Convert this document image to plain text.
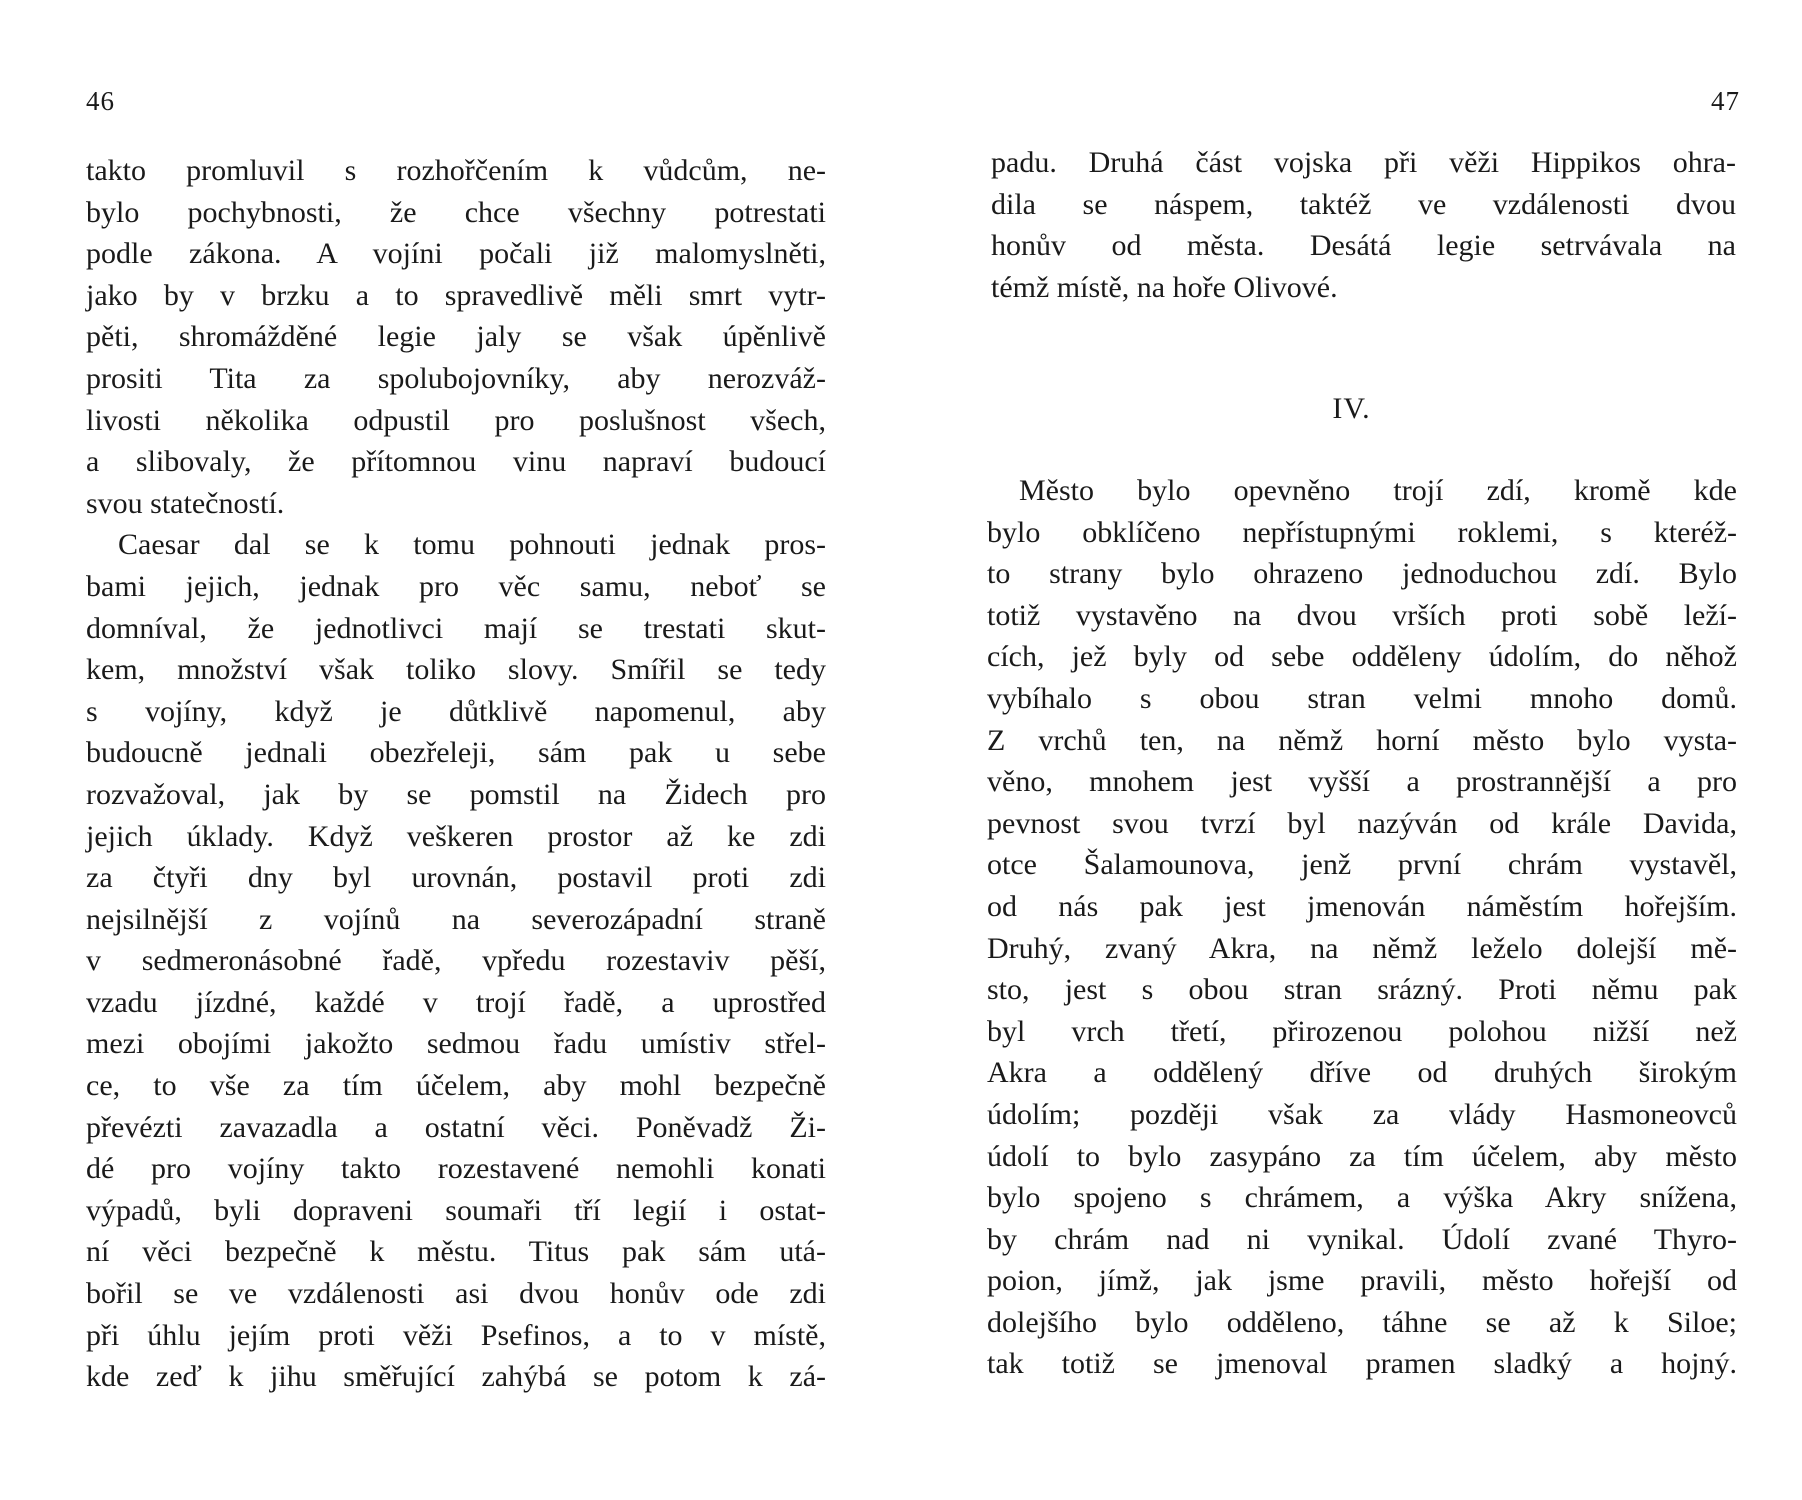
46
takto promluvil s rozhořčením k vůdcům, ne-
bylo pochybnosti, že chce všechny potrestati
podle zákona. A vojíni počali již malomyslněti,
jako by v brzku a to spravedlivě měli smrt vytr-
pěti, shromážděné legie jaly se však úpěnlivě
prositi Tita za spolubojovníky, aby nerozváž-
livosti několika odpustil pro poslušnost všech,
a slibovaly, že přítomnou vinu napraví budoucí
svou statečností.
Caesar dal se k tomu pohnouti jednak pros-
bami jejich, jednak pro věc samu, neboť se
domníval, že jednotlivci mají se trestati skut-
kem, množství však toliko slovy. Smířil se tedy
s vojíny, když je důtklivě napomenul, aby
budoucně jednali obezřeleji, sám pak u sebe
rozvažoval, jak by se pomstil na Židech pro
jejich úklady. Když veškeren prostor až ke zdi
za čtyři dny byl urovnán, postavil proti zdi
nejsilnější z vojínů na severozápadní straně
v sedmeronásobné řadě, vpředu rozestaviv pěší,
vzadu jízdné, každé v trojí řadě, a uprostřed
mezi obojími jakožto sedmou řadu umístiv střel-
ce, to vše za tím účelem, aby mohl bezpečně
převézti zavazadla a ostatní věci. Poněvadž Ži-
dé pro vojíny takto rozestavené nemohli konati
výpadů, byli dopraveni soumaři tří legií i ostat-
ní věci bezpečně k městu. Titus pak sám utá-
bořil se ve vzdálenosti asi dvou honův ode zdi
při úhlu jejím proti věži Psefinos, a to v místě,
kde zeď k jihu směřující zahýbá se potom k zá-
47
padu. Druhá část vojska při věži Hippikos ohra-
dila se náspem, taktéž ve vzdálenosti dvou
honův od města. Desátá legie setrvávala na
témž místě, na hoře Olivové.
IV.
Město bylo opevněno trojí zdí, kromě kde
bylo obklíčeno nepřístupnými roklemi, s kteréž-
to strany bylo ohrazeno jednoduchou zdí. Bylo
totiž vystavěno na dvou vrších proti sobě leží-
cích, jež byly od sebe odděleny údolím, do něhož
vybíhalo s obou stran velmi mnoho domů.
Z vrchů ten, na němž horní město bylo vysta-
věno, mnohem jest vyšší a prostrannější a pro
pevnost svou tvrzí byl nazýván od krále Davida,
otce Šalamounova, jenž první chrám vystavěl,
od nás pak jest jmenován náměstím hořejším.
Druhý, zvaný Akra, na němž leželo dolejší mě-
sto, jest s obou stran srázný. Proti němu pak
byl vrch třetí, přirozenou polohou nižší než
Akra a oddělený dříve od druhých širokým
údolím; později však za vlády Hasmoneovců
údolí to bylo zasypáno za tím účelem, aby město
bylo spojeno s chrámem, a výška Akry snížena,
by chrám nad ni vynikal. Údolí zvané Thyro-
poion, jímž, jak jsme pravili, město hořejší od
dolejšího bylo odděleno, táhne se až k Siloe;
tak totiž se jmenoval pramen sladký a hojný.
